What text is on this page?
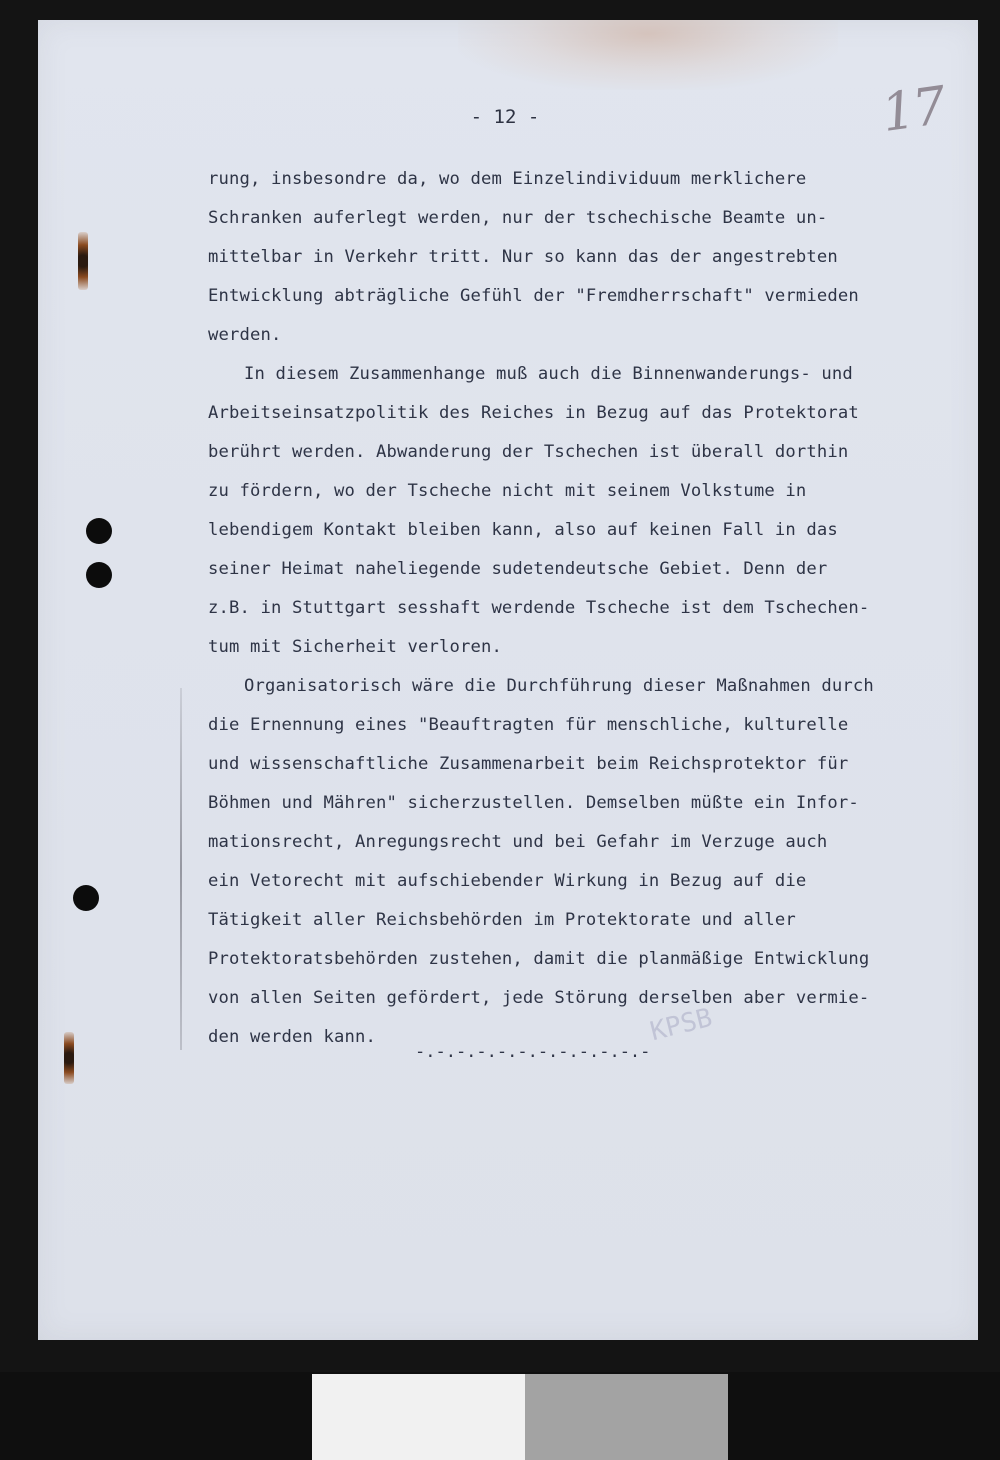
17
- 12 -
rung, insbesondre da, wo dem Einzelindividuum merklichere
Schranken auferlegt werden, nur der tschechische Beamte un-
mittelbar in Verkehr tritt. Nur so kann das der angestrebten
Entwicklung abträgliche Gefühl der "Fremdherrschaft" vermieden
werden.
In diesem Zusammenhange muß auch die Binnenwanderungs- und
Arbeitseinsatzpolitik des Reiches in Bezug auf das Protektorat
berührt werden. Abwanderung der Tschechen ist überall dorthin
zu fördern, wo der Tscheche nicht mit seinem Volkstume in
lebendigem Kontakt bleiben kann, also auf keinen Fall in das
seiner Heimat naheliegende sudetendeutsche Gebiet. Denn der
z.B. in Stuttgart sesshaft werdende Tscheche ist dem Tschechen-
tum mit Sicherheit verloren.
Organisatorisch wäre die Durchführung dieser Maßnahmen durch
die Ernennung eines "Beauftragten für menschliche, kulturelle
und wissenschaftliche Zusammenarbeit beim Reichsprotektor für
Böhmen und Mähren" sicherzustellen. Demselben müßte ein Infor-
mationsrecht, Anregungsrecht und bei Gefahr im Verzuge auch
ein Vetorecht mit aufschiebender Wirkung in Bezug auf die
Tätigkeit aller Reichsbehörden im Protektorate und aller
Protektoratsbehörden zustehen, damit die planmäßige Entwicklung
von allen Seiten gefördert, jede Störung derselben aber vermie-
den werden kann.	KPSB
-.-.-.-.-.-.-.-.-.-.-.-
